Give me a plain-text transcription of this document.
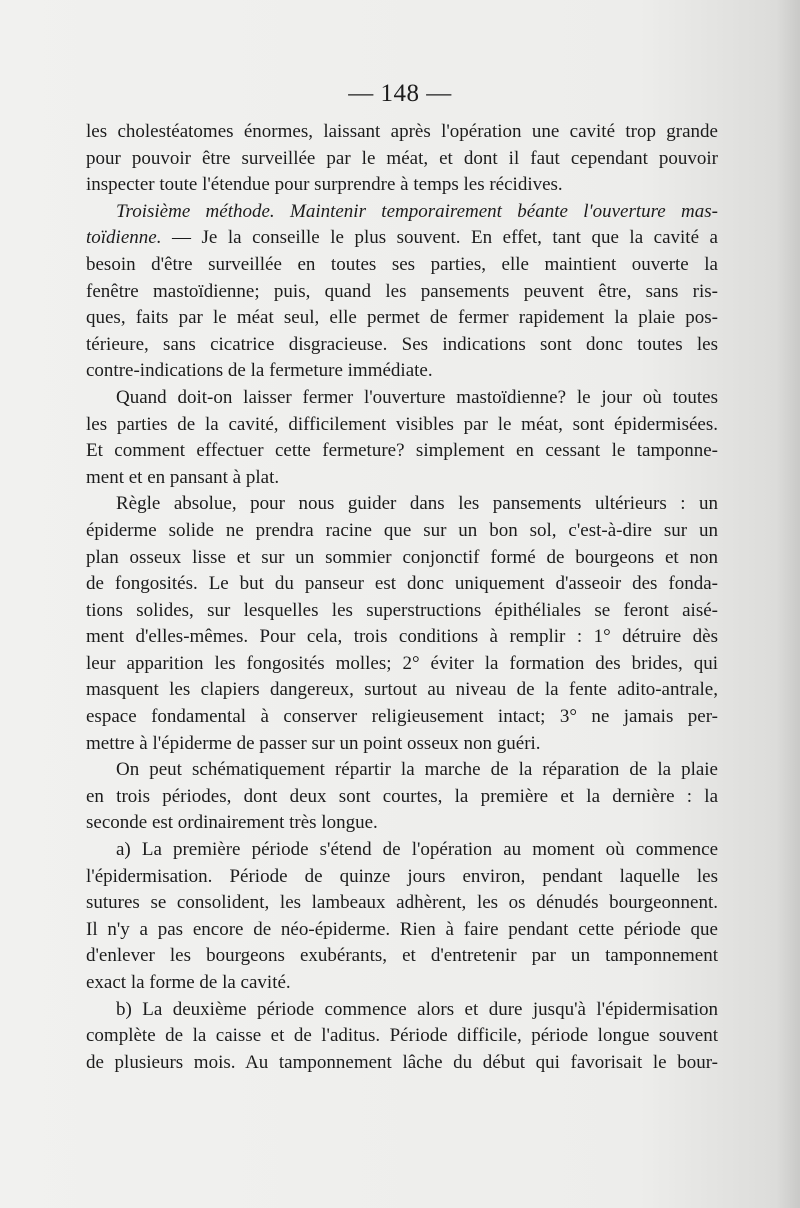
— 148 —
les cholestéatomes énormes, laissant après l'opération une cavité trop grande
pour pouvoir être surveillée par le méat, et dont il faut cependant pouvoir
inspecter toute l'étendue pour surprendre à temps les récidives.
Troisième méthode. Maintenir temporairement béante l'ouverture mas-
toïdienne. — Je la conseille le plus souvent. En effet, tant que la cavité a
besoin d'être surveillée en toutes ses parties, elle maintient ouverte la
fenêtre mastoïdienne; puis, quand les pansements peuvent être, sans ris-
ques, faits par le méat seul, elle permet de fermer rapidement la plaie pos-
térieure, sans cicatrice disgracieuse. Ses indications sont donc toutes les
contre-indications de la fermeture immédiate.
Quand doit-on laisser fermer l'ouverture mastoïdienne? le jour où toutes
les parties de la cavité, difficilement visibles par le méat, sont épidermisées.
Et comment effectuer cette fermeture? simplement en cessant le tamponne-
ment et en pansant à plat.
Règle absolue, pour nous guider dans les pansements ultérieurs : un
épiderme solide ne prendra racine que sur un bon sol, c'est-à-dire sur un
plan osseux lisse et sur un sommier conjonctif formé de bourgeons et non
de fongosités. Le but du panseur est donc uniquement d'asseoir des fonda-
tions solides, sur lesquelles les superstructions épithéliales se feront aisé-
ment d'elles-mêmes. Pour cela, trois conditions à remplir : 1° détruire dès
leur apparition les fongosités molles; 2° éviter la formation des brides, qui
masquent les clapiers dangereux, surtout au niveau de la fente adito-antrale,
espace fondamental à conserver religieusement intact; 3° ne jamais per-
mettre à l'épiderme de passer sur un point osseux non guéri.
On peut schématiquement répartir la marche de la réparation de la plaie
en trois périodes, dont deux sont courtes, la première et la dernière : la
seconde est ordinairement très longue.
a) La première période s'étend de l'opération au moment où commence
l'épidermisation. Période de quinze jours environ, pendant laquelle les
sutures se consolident, les lambeaux adhèrent, les os dénudés bourgeonnent.
Il n'y a pas encore de néo-épiderme. Rien à faire pendant cette période que
d'enlever les bourgeons exubérants, et d'entretenir par un tamponnement
exact la forme de la cavité.
b) La deuxième période commence alors et dure jusqu'à l'épidermisation
complète de la caisse et de l'aditus. Période difficile, période longue souvent
de plusieurs mois. Au tamponnement lâche du début qui favorisait le bour-
